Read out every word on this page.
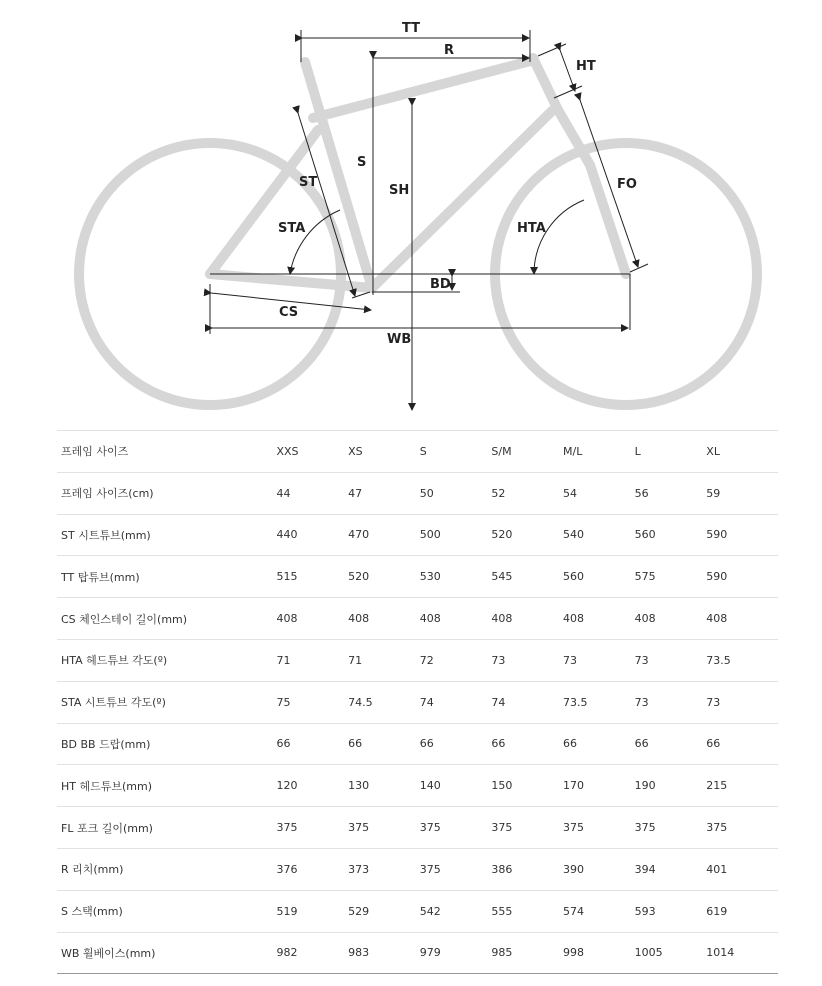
TT
R
HT
S
SH
ST
STA	HTA
FO
BD
CS
WB
프레임 사이즈	XXS	XS	S	S/M	M/L	L	XL
프레임 사이즈(cm)	44	47	50	52	54	56	59
ST 시트튜브(mm)	440	470	500	520	540	560	590
TT 탑튜브(mm)	515	520	530	545	560	575	590
CS 체인스테이 길이(mm)	408	408	408	408	408	408	408
HTA 헤드튜브 각도(º)	71	71	72	73	73	73	73.5
STA 시트튜브 각도(º)	75	74.5	74	74	73.5	73	73
BD BB 드랍(mm)	66	66	66	66	66	66	66
HT 헤드튜브(mm)	120	130	140	150	170	190	215
FL 포크 길이(mm)	375	375	375	375	375	375	375
R 리치(mm)	376	373	375	386	390	394	401
S 스택(mm)	519	529	542	555	574	593	619
WB 휠베이스(mm)	982	983	979	985	998	1005	1014
